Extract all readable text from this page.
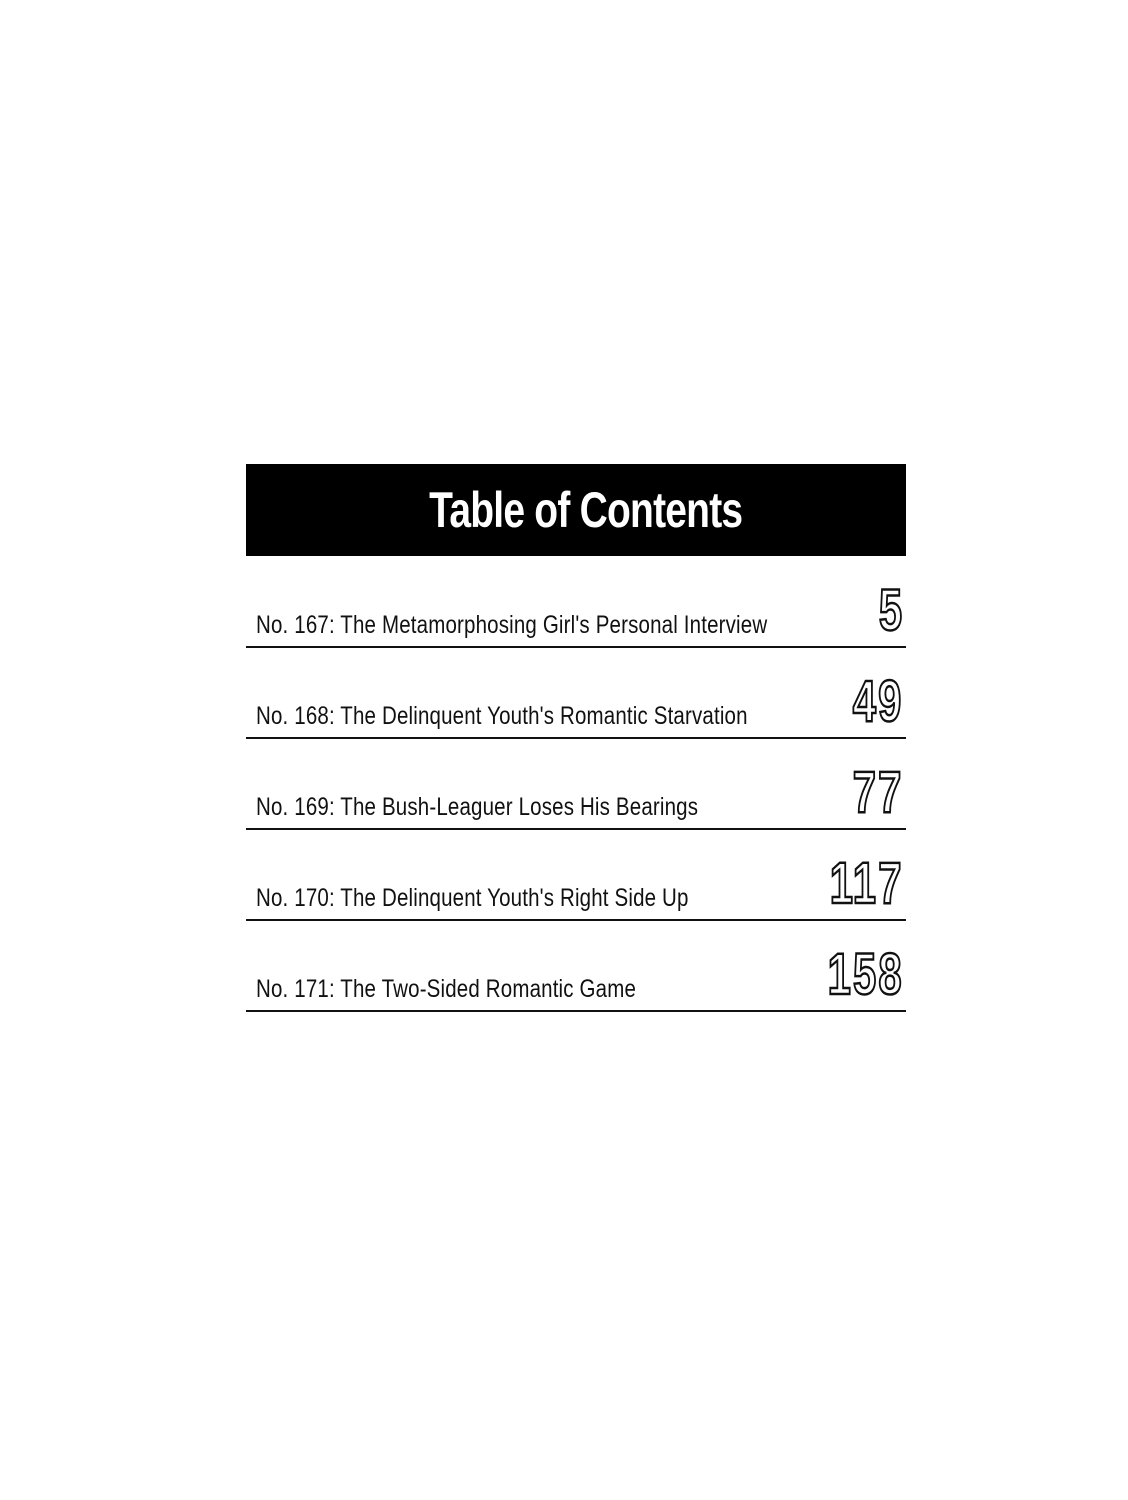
Table of Contents
No. 167: The Metamorphosing Girl's Personal Interview 5
No. 168: The Delinquent Youth's Romantic Starvation 49
No. 169: The Bush-Leaguer Loses His Bearings	77
No. 170: The Delinquent Youth's Right Side Up 117
No. 171: The Two-Sided Romantic Game	158
